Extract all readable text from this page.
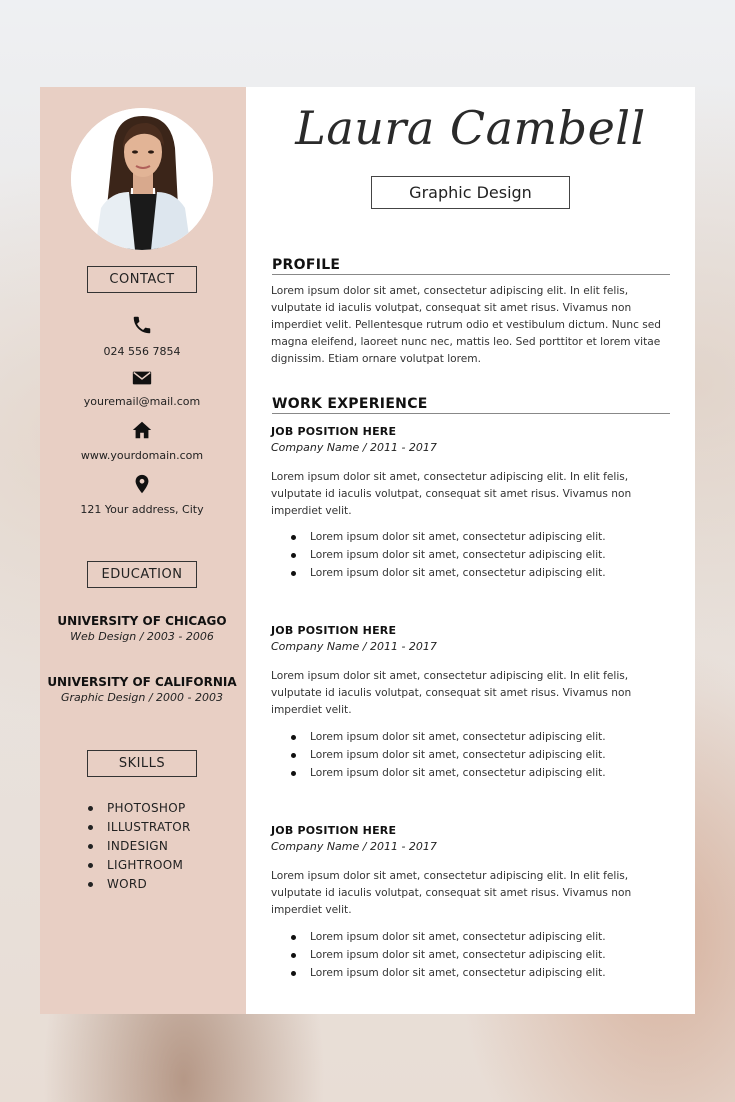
CONTACT
024 556 7854
youremail@mail.com
www.yourdomain.com
121 Your address, City
EDUCATION
UNIVERSITY OF CHICAGO
Web Design / 2003 - 2006
UNIVERSITY OF CALIFORNIA
Graphic Design / 2000 - 2003
SKILLS
PHOTOSHOP
ILLUSTRATOR
INDESIGN
LIGHTROOM
WORD
Laura Cambell
Graphic Design
PROFILE

Lorem ipsum dolor sit amet, consectetur adipiscing elit. In elit felis, vulputate id iaculis volutpat, consequat sit amet risus. Vivamus non imperdiet velit. Pellentesque rutrum odio et vestibulum dictum. Nunc sed magna eleifend, laoreet nunc nec, mattis leo. Sed porttitor et lorem vitae dignissim. Etiam ornare volutpat lorem.

WORK EXPERIENCE
JOB POSITION HERE
Company Name / 2011 - 2017

Lorem ipsum dolor sit amet, consectetur adipiscing elit. In elit felis, vulputate id iaculis volutpat, consequat sit amet risus. Vivamus non imperdiet velit.

Lorem ipsum dolor sit amet, consectetur adipiscing elit.
Lorem ipsum dolor sit amet, consectetur adipiscing elit.
Lorem ipsum dolor sit amet, consectetur adipiscing elit.
JOB POSITION HERE
Company Name / 2011 - 2017

Lorem ipsum dolor sit amet, consectetur adipiscing elit. In elit felis, vulputate id iaculis volutpat, consequat sit amet risus. Vivamus non imperdiet velit.

Lorem ipsum dolor sit amet, consectetur adipiscing elit.
Lorem ipsum dolor sit amet, consectetur adipiscing elit.
Lorem ipsum dolor sit amet, consectetur adipiscing elit.
JOB POSITION HERE
Company Name / 2011 - 2017

Lorem ipsum dolor sit amet, consectetur adipiscing elit. In elit felis, vulputate id iaculis volutpat, consequat sit amet risus. Vivamus non imperdiet velit.

Lorem ipsum dolor sit amet, consectetur adipiscing elit.
Lorem ipsum dolor sit amet, consectetur adipiscing elit.
Lorem ipsum dolor sit amet, consectetur adipiscing elit.
